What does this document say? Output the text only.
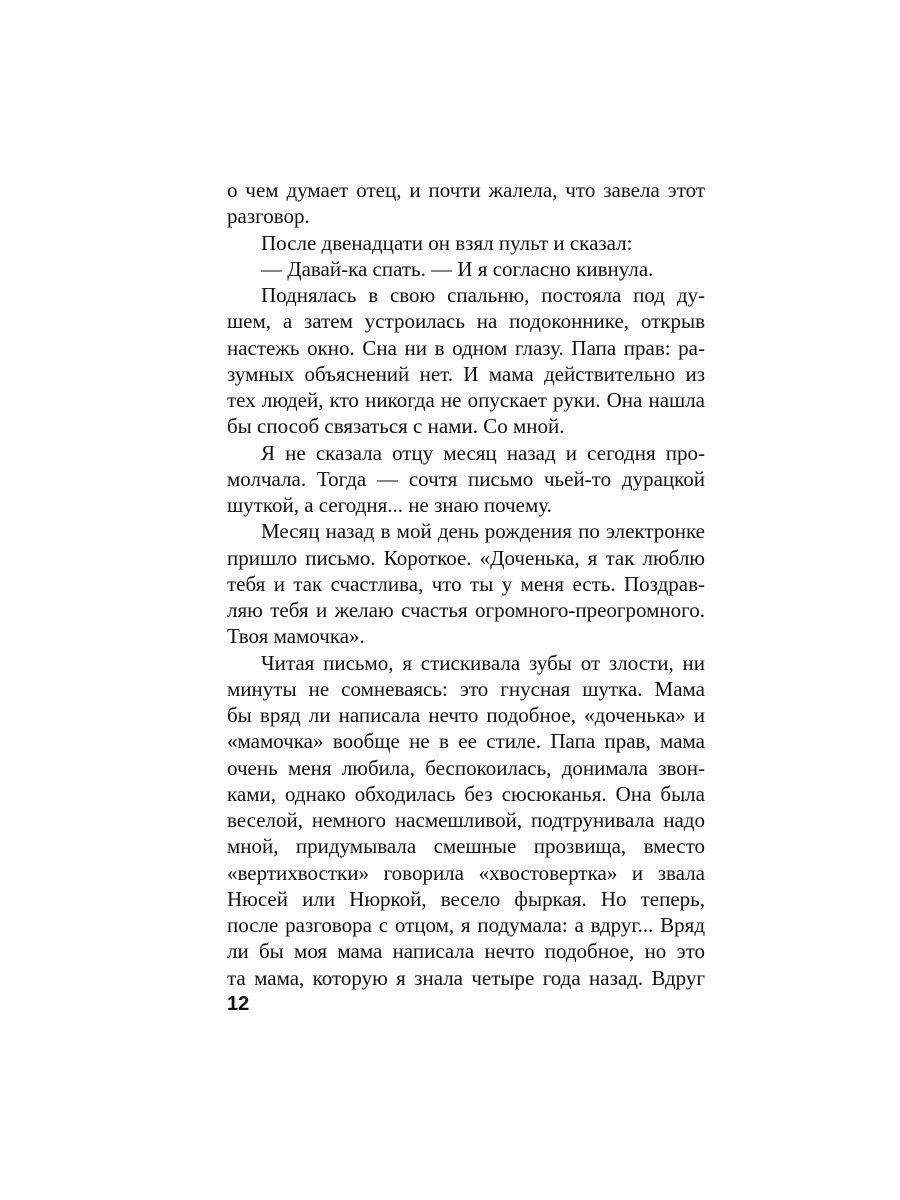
о чем думает отец, и почти жалела, что завела этот
разговор.
После двенадцати он взял пульт и сказал:
— Давай-ка спать. — И я согласно кивнула.
Поднялась в свою спальню, постояла под ду-
шем, а затем устроилась на подоконнике, открыв
настежь окно. Сна ни в одном глазу. Папа прав: ра-
зумных объяснений нет. И мама действительно из
тех людей, кто никогда не опускает руки. Она нашла
бы способ связаться с нами. Со мной.
Я не сказала отцу месяц назад и сегодня про-
молчала. Тогда — сочтя письмо чьей-то дурацкой
шуткой, а сегодня... не знаю почему.
Месяц назад в мой день рождения по электронке
пришло письмо. Короткое. «Доченька, я так люблю
тебя и так счастлива, что ты у меня есть. Поздрав-
ляю тебя и желаю счастья огромного-преогромного.
Твоя мамочка».
Читая письмо, я стискивала зубы от злости, ни
минуты не сомневаясь: это гнусная шутка. Мама
бы вряд ли написала нечто подобное, «доченька» и
«мамочка» вообще не в ее стиле. Папа прав, мама
очень меня любила, беспокоилась, донимала звон-
ками, однако обходилась без сюсюканья. Она была
веселой, немного насмешливой, подтрунивала надо
мной, придумывала смешные прозвища, вместо
«вертихвостки» говорила «хвостовертка» и звала
Нюсей или Нюркой, весело фыркая. Но теперь,
после разговора с отцом, я подумала: а вдруг... Вряд
ли бы моя мама написала нечто подобное, но это
та мама, которую я знала четыре года назад. Вдруг
12
